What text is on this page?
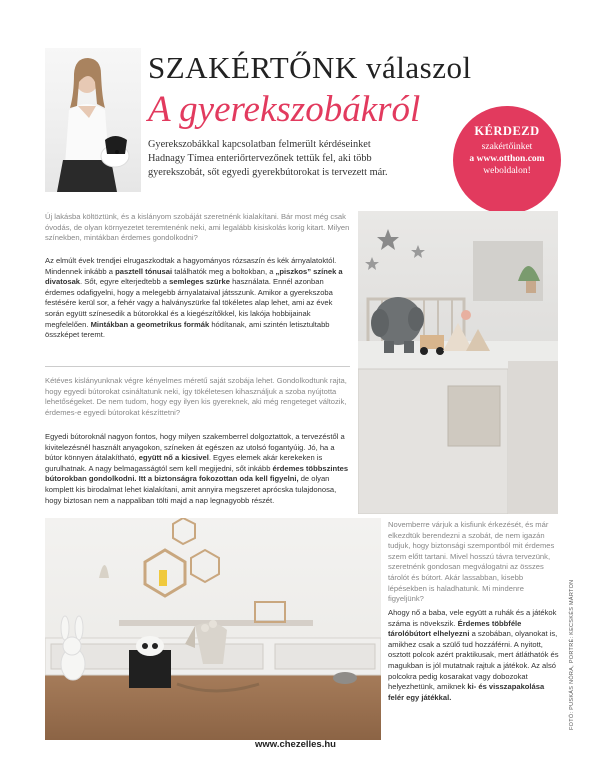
SZAKÉRTŐNK válaszol
A gyerekszobákról

Gyerekszobákkal kapcsolatban felmerült kérdéseinket Hadnagy Tímea enteriőrtervezőnek tettük fel, aki több gyerekszobát, sőt egyedi gyerekbútorokat is tervezett már.

KÉRDEZD
szakértőinket
a www.otthon.com
weboldalon!

Új lakásba költöztünk, és a kislányom szobáját szeretnénk kialakítani. Bár most még csak óvodás, de olyan környezetet teremtenénk neki, ami legalább kisiskolás korig kitart. Milyen színekben, mintákban érdemes gondolkodni?

Az elmúlt évek trendjei elrugaszkodtak a hagyományos rózsaszín és kék árnyalatoktól. Mindennek inkább a pasztell tónusai találhatók meg a boltokban, a „piszkos” színek a divatosak. Sőt, egyre elterjedtebb a semleges szürke használata. Ennél azonban érdemes odafigyelni, hogy a melegebb árnyalataival játsszunk. Amikor a gyerekszoba festésére kerül sor, a fehér vagy a halványszürke fal tökéletes alap lehet, ami az évek során együtt színesedik a bútorokkal és a kiegészítőkkel, kis lakója hobbijainak megfelelően. Mintákban a geometrikus formák hódítanak, ami szintén letisztultabb összképet teremt.

Kétéves kislányunknak végre kényelmes méretű saját szobája lehet. Gondolkodtunk rajta, hogy egyedi bútorokat csináltatunk neki, így tökéletesen kihasználjuk a szoba nyújtotta lehetőségeket. De nem tudom, hogy egy ilyen kis gyereknek, aki még rengeteget változik, érdemes-e egyedi bútorokat készíttetni?

Egyedi bútoroknál nagyon fontos, hogy milyen szakemberrel dolgoztattok, a tervezéstől a kivitelezésnél használt anyagokon, színeken át egészen az utolsó fogantyúig. Jó, ha a bútor könnyen átalakítható, együtt nő a kicsivel. Egyes elemek akár kerekeken is gurulhatnak. A nagy belmagasságtól sem kell megijedni, sőt inkább érdemes többszintes bútorokban gondolkodni. Itt a biztonságra fokozottan oda kell figyelni, de olyan komplett kis birodalmat lehet kialakítani, amit annyira megszeret aprócska tulajdonosa, hogy biztosan nem a nappaliban tölti majd a nap legnagyobb részét.

Novemberre várjuk a kisfiunk érkezését, és már elkezdtük berendezni a szobát, de nem igazán tudjuk, hogy biztonsági szempontból mit érdemes szem előtt tartani. Mivel hosszú távra tervezünk, szeretnénk gondosan megválogatni az összes tárolót és bútort. Akár lassabban, kisebb lépésekben is haladhatunk. Mi mindenre figyeljünk?

Ahogy nő a baba, vele együtt a ruhák és a játékok száma is növekszik. Érdemes többféle tárolóbútort elhelyezni a szobában, olyanokat is, amikhez csak a szülő tud hozzáférni. A nyitott, osztott polcok azért praktikusak, mert átláthatók és magukban is jól mutatnak rajtuk a játékok. Az alsó polcokra pedig kosarakat vagy dobozokat helyezhetünk, amiknek ki- és visszapakolása felér egy játékkal.	FOTÓ: PUSKÁS NÓRA, PORTRÉ: KECSKÉS MÁRTON
www.chezelles.hu
